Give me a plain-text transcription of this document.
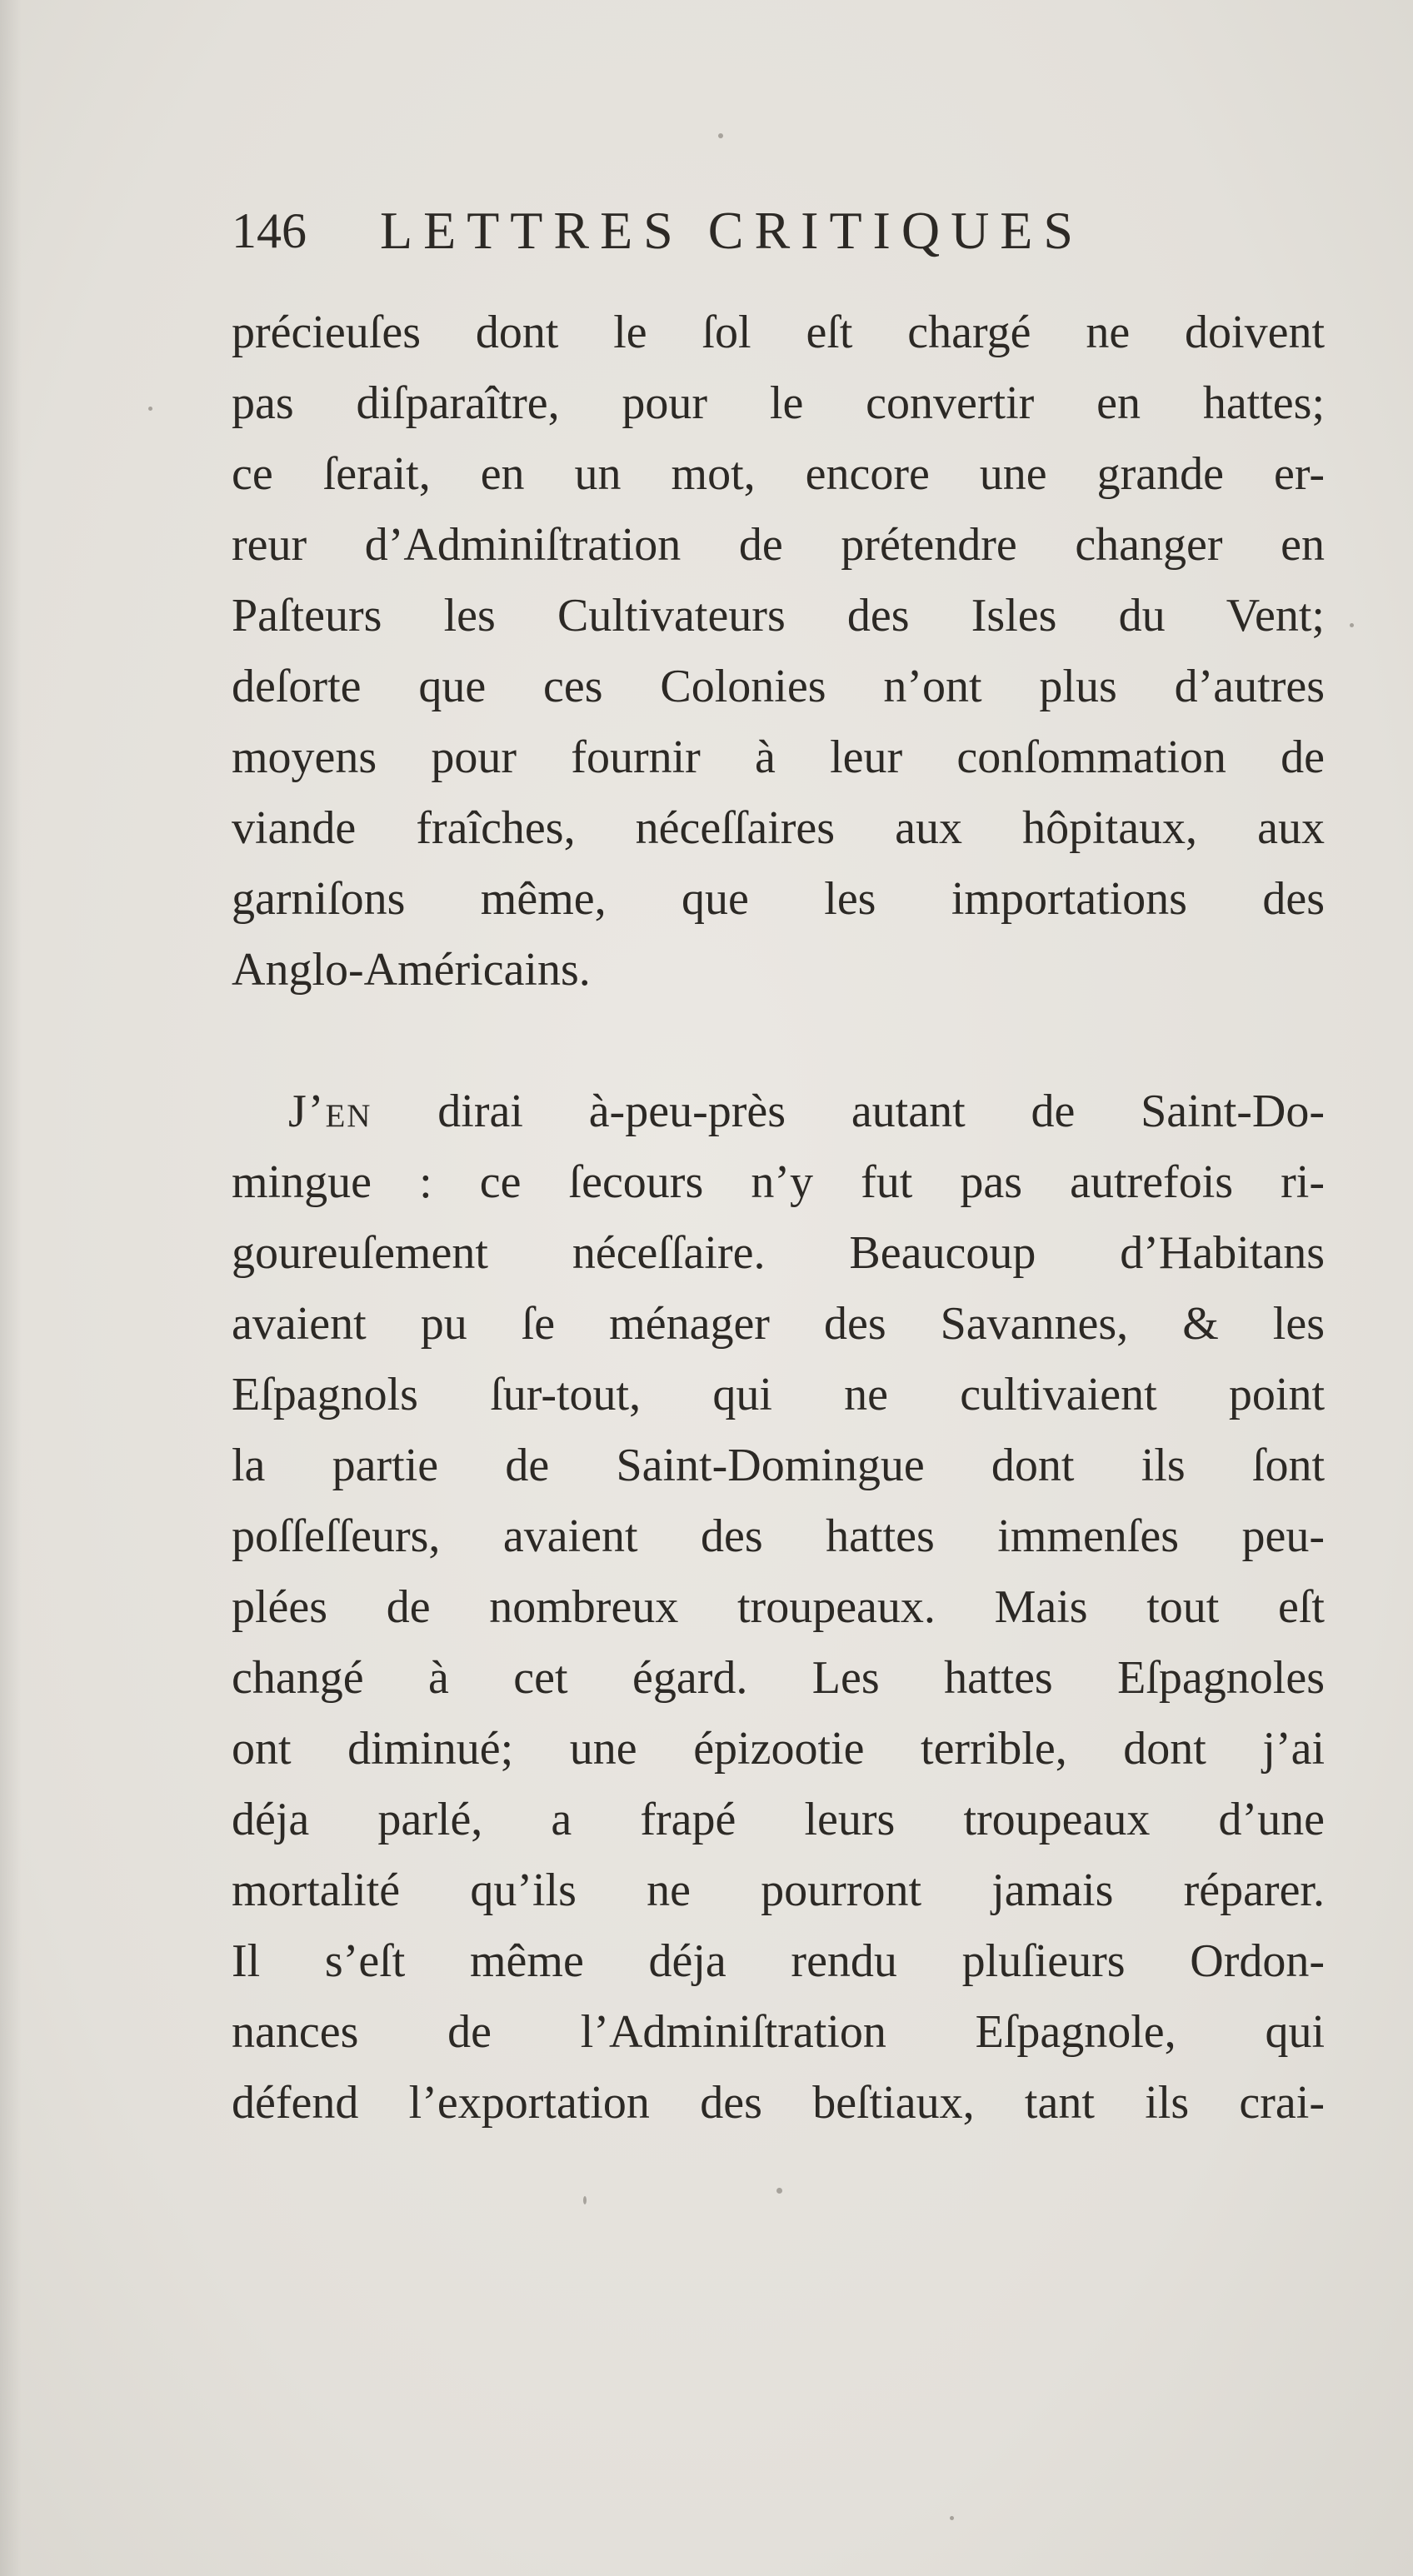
146 LETTRES CRITIQUES
précieuſes dont le ſol eſt chargé ne doivent
pas diſparaître, pour le convertir en hattes;
ce ſerait, en un mot, encore une grande er-
reur d’Adminiſtration de prétendre changer en
Paſteurs les Cultivateurs des Isles du Vent;
deſorte que ces Colonies n’ont plus d’autres
moyens pour fournir à leur conſommation de
viande fraîches, néceſſaires aux hôpitaux, aux
garniſons même, que les importations des
Anglo-Américains.
J’en dirai à-peu-près autant de Saint-Do-
mingue : ce ſecours n’y fut pas autrefois ri-
goureuſement néceſſaire. Beaucoup d’Habitans
avaient pu ſe ménager des Savannes, & les
Eſpagnols ſur-tout, qui ne cultivaient point
la partie de Saint-Domingue dont ils ſont
poſſeſſeurs, avaient des hattes immenſes peu-
plées de nombreux troupeaux. Mais tout eſt
changé à cet égard. Les hattes Eſpagnoles
ont diminué; une épizootie terrible, dont j’ai
déja parlé, a frapé leurs troupeaux d’une
mortalité qu’ils ne pourront jamais réparer.
Il s’eſt même déja rendu pluſieurs Ordon-
nances de l’Adminiſtration Eſpagnole, qui
défend l’exportation des beſtiaux, tant ils crai-
